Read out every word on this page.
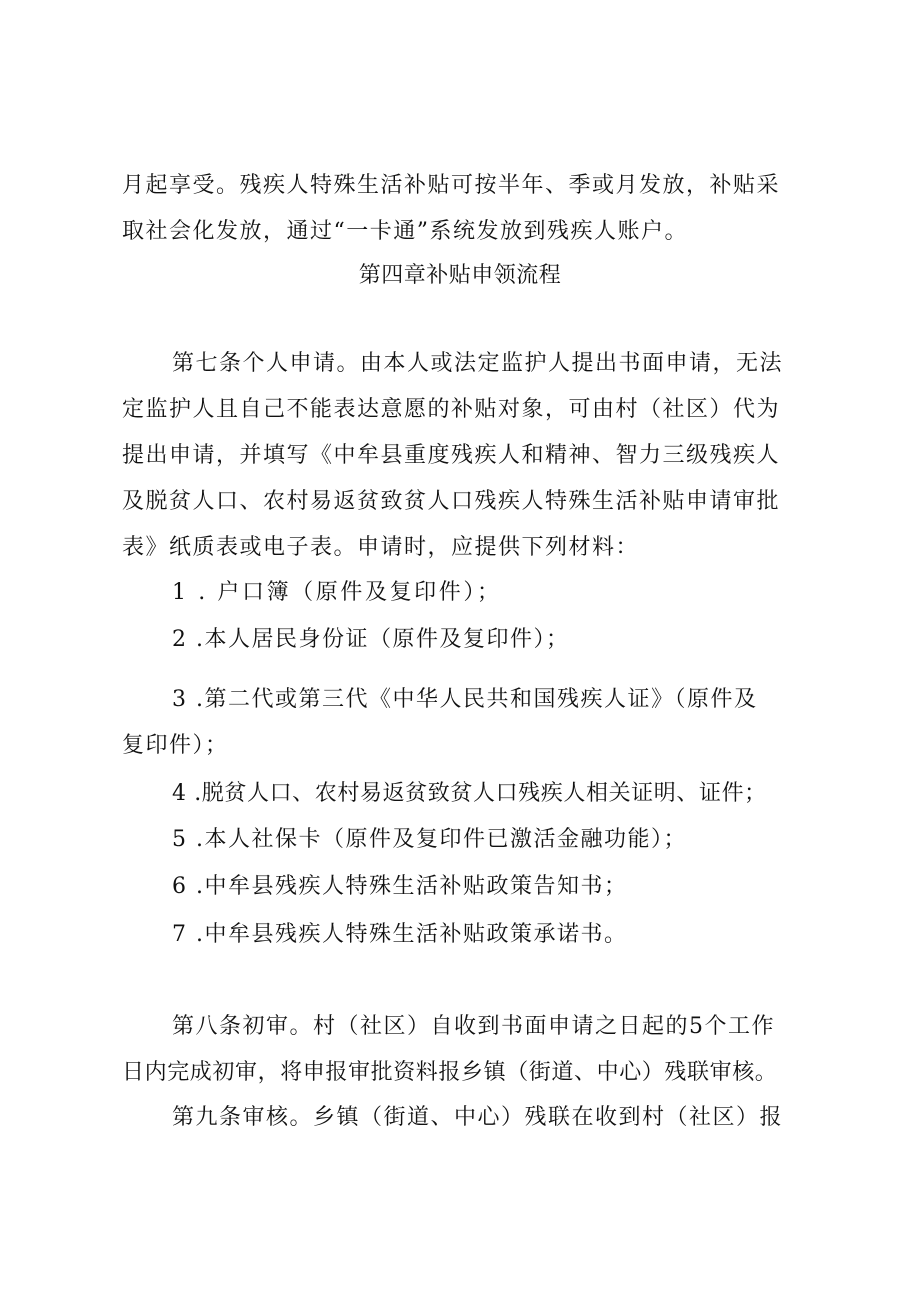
月起享受。残疾人特殊生活补贴可按半年、季或月发放，补贴采
取社会化发放，通过“一卡通”系统发放到残疾人账户。
第四章补贴申领流程
第七条个人申请。由本人或法定监护人提出书面申请，无法
定监护人且自己不能表达意愿的补贴对象，可由村（社区）代为
提出申请，并填写《中牟县重度残疾人和精神、智力三级残疾人
及脱贫人口、农村易返贫致贫人口残疾人特殊生活补贴申请审批
表》纸质表或电子表。申请时，应提供下列材料：
1 . 户口簿（原件及复印件）；
2 .本人居民身份证（原件及复印件）；
3 .第二代或第三代《中华人民共和国残疾人证》（原件及
复印件）；
4 .脱贫人口、农村易返贫致贫人口残疾人相关证明、证件；
5 .本人社保卡（原件及复印件已激活金融功能）；
6 .中牟县残疾人特殊生活补贴政策告知书；
7 .中牟县残疾人特殊生活补贴政策承诺书。
第八条初审。村（社区）自收到书面申请之日起的5个工作
日内完成初审，将申报审批资料报乡镇（街道、中心）残联审核。
第九条审核。乡镇（街道、中心）残联在收到村（社区）报
